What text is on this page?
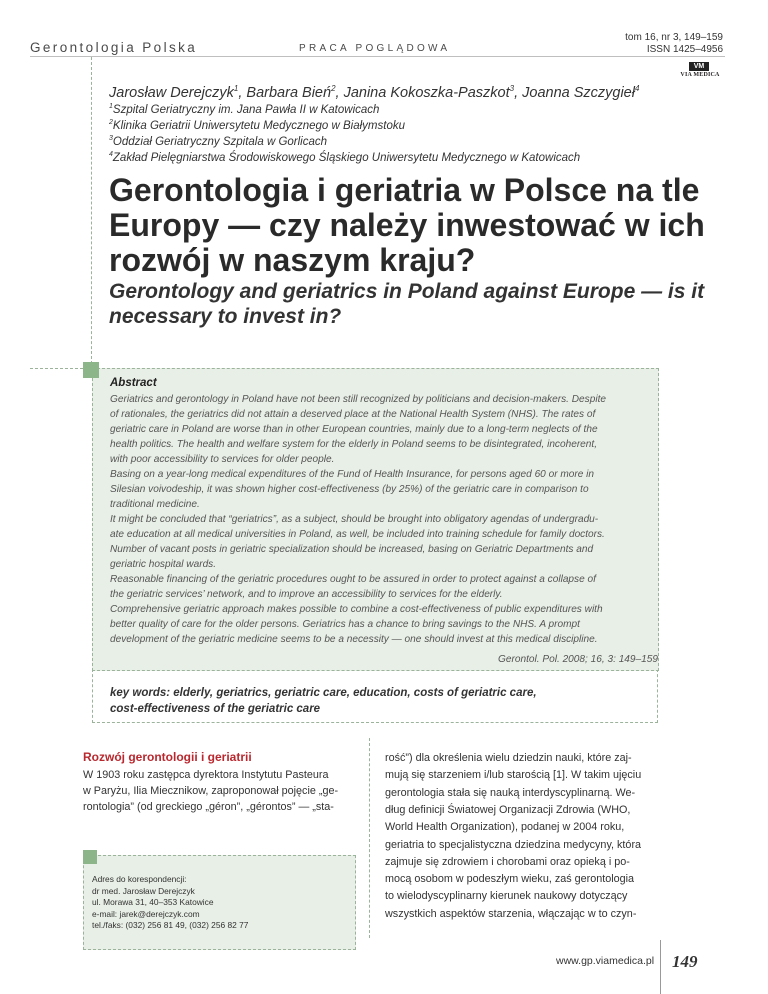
Gerontologia Polska	PRACA POGLĄDOWA
tom 16, nr 3, 149–159
ISSN 1425–4956
VM
VIA MEDICA
Jarosław Derejczyk$^1$, Barbara Bień$^2$, Janina Kokoszka-Paszkot$^3$, Joanna Szczygieł$^4$
$^1$Szpital Geriatryczny im. Jana Pawła II w Katowicach
$^2$Klinika Geriatrii Uniwersytetu Medycznego w Białymstoku
$^3$Oddział Geriatryczny Szpitala w Gorlicach
$^4$Zakład Pielęgniarstwa Środowiskowego Śląskiego Uniwersytetu Medycznego w Katowicach
Gerontologia i geriatria w Polsce na tle Europy — czy należy inwestować w ich rozwój w naszym kraju?
Gerontology and geriatrics in Poland against Europe — is it necessary to invest in?
Abstract
Geriatrics and gerontology in Poland have not been still recognized by politicians and decision-makers. Despite
of rationales, the geriatrics did not attain a deserved place at the National Health System (NHS). The rates of
geriatric care in Poland are worse than in other European countries, mainly due to a long-term neglects of the
health politics. The health and welfare system for the elderly in Poland seems to be disintegrated, incoherent,
with poor accessibility to services for older people.
Basing on a year-long medical expenditures of the Fund of Health Insurance, for persons aged 60 or more in
Silesian voivodeship, it was shown higher cost-effectiveness (by 25%) of the geriatric care in comparison to
traditional medicine.
It might be concluded that “geriatrics”, as a subject, should be brought into obligatory agendas of undergradu-
ate education at all medical universities in Poland, as well, be included into training schedule for family doctors.
Number of vacant posts in geriatric specialization should be increased, basing on Geriatric Departments and
geriatric hospital wards.
Reasonable financing of the geriatric procedures ought to be assured in order to protect against a collapse of
the geriatric services’ network, and to improve an accessibility to services for the elderly.
Comprehensive geriatric approach makes possible to combine a cost-effectiveness of public expenditures with
better quality of care for the older persons. Geriatrics has a chance to bring savings to the NHS. A prompt
development of the geriatric medicine seems to be a necessity — one should invest at this medical discipline.
Gerontol. Pol. 2008; 16, 3: 149–159
key words: elderly, geriatrics, geriatric care, education, costs of geriatric care,
cost-effectiveness of the geriatric care
Rozwój gerontologii i geriatrii
W 1903 roku zastępca dyrektora Instytutu Pasteura
w Paryżu, Ilia Miecznikow, zaproponował pojęcie „ge-
rontologia” (od greckiego „géron”, „gérontos” — „sta-
rość”) dla określenia wielu dziedzin nauki, które zaj-
mują się starzeniem i/lub starością [1]. W takim ujęciu
gerontologia stała się nauką interdyscyplinarną. We-
dług definicji Światowej Organizacji Zdrowia (WHO,
World Health Organization), podanej w 2004 roku,
geriatria to specjalistyczna dziedzina medycyny, która
zajmuje się zdrowiem i chorobami oraz opieką i po-
mocą osobom w podeszłym wieku, zaś gerontologia
to wielodyscyplinarny kierunek naukowy dotyczący
wszystkich aspektów starzenia, włączając w to czyn-
Adres do korespondencji:
dr med. Jarosław Derejczyk
ul. Morawa 31, 40–353 Katowice
e-mail: jarek@derejczyk.com
tel./faks: (032) 256 81 49, (032) 256 82 77
www.gp.viamedica.pl 149
